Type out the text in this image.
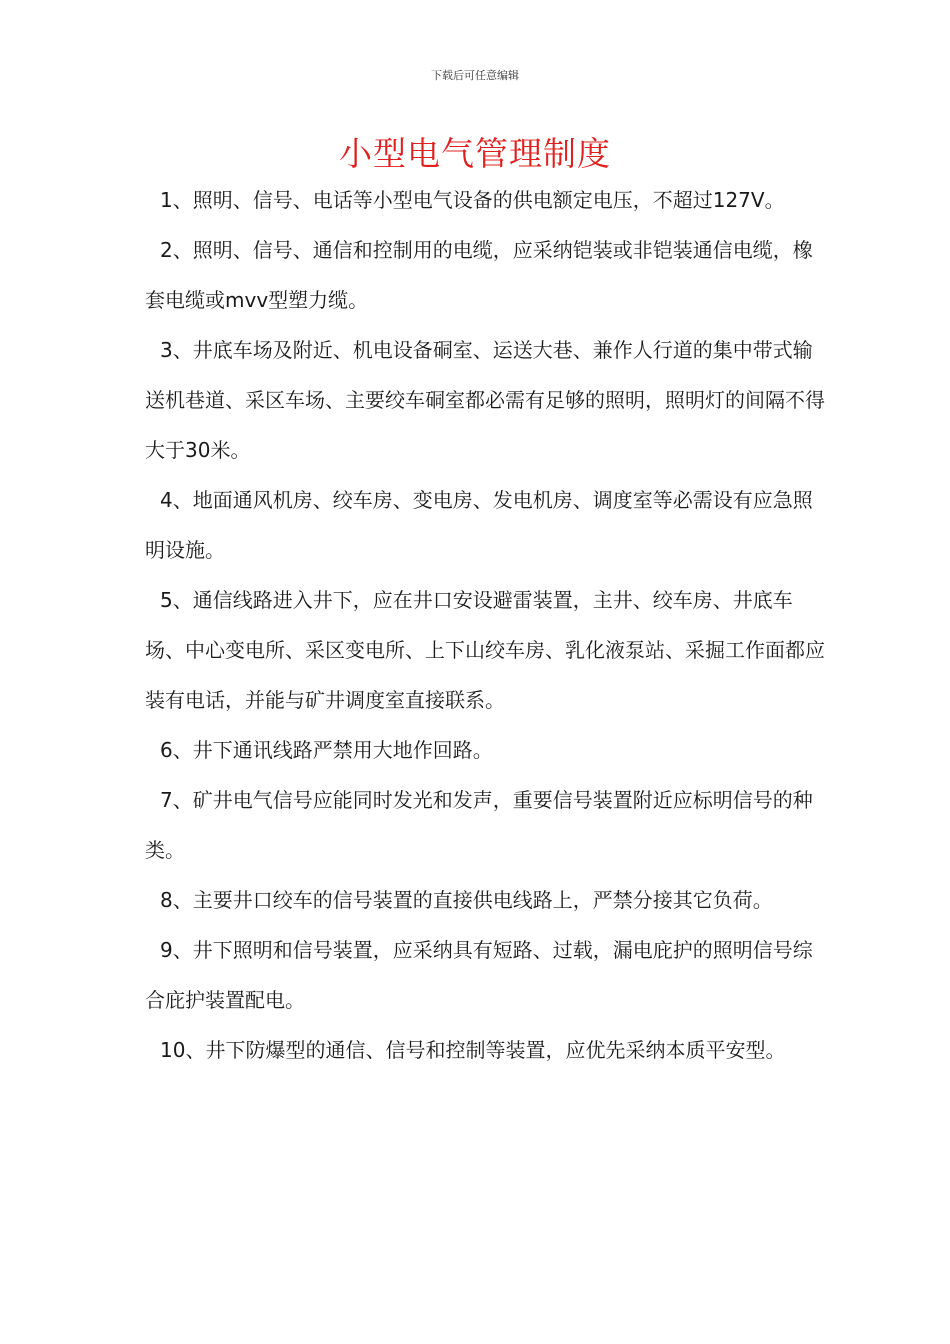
下载后可任意编辑
小型电气管理制度

1、照明、信号、电话等小型电气设备的供电额定电压，不超过127V。

2、照明、信号、通信和控制用的电缆，应采纳铠装或非铠装通信电缆，橡套电缆或mvv型塑力缆。

3、井底车场及附近、机电设备硐室、运送大巷、兼作人行道的集中带式输送机巷道、采区车场、主要绞车硐室都必需有足够的照明，照明灯的间隔不得大于30米。

4、地面通风机房、绞车房、变电房、发电机房、调度室等必需设有应急照明设施。

5、通信线路进入井下，应在井口安设避雷装置，主井、绞车房、井底车场、中心变电所、采区变电所、上下山绞车房、乳化液泵站、采掘工作面都应装有电话，并能与矿井调度室直接联系。

6、井下通讯线路严禁用大地作回路。

7、矿井电气信号应能同时发光和发声，重要信号装置附近应标明信号的种类。

8、主要井口绞车的信号装置的直接供电线路上，严禁分接其它负荷。

9、井下照明和信号装置，应采纳具有短路、过载，漏电庇护的照明信号综合庇护装置配电。

10、井下防爆型的通信、信号和控制等装置，应优先采纳本质平安型。
